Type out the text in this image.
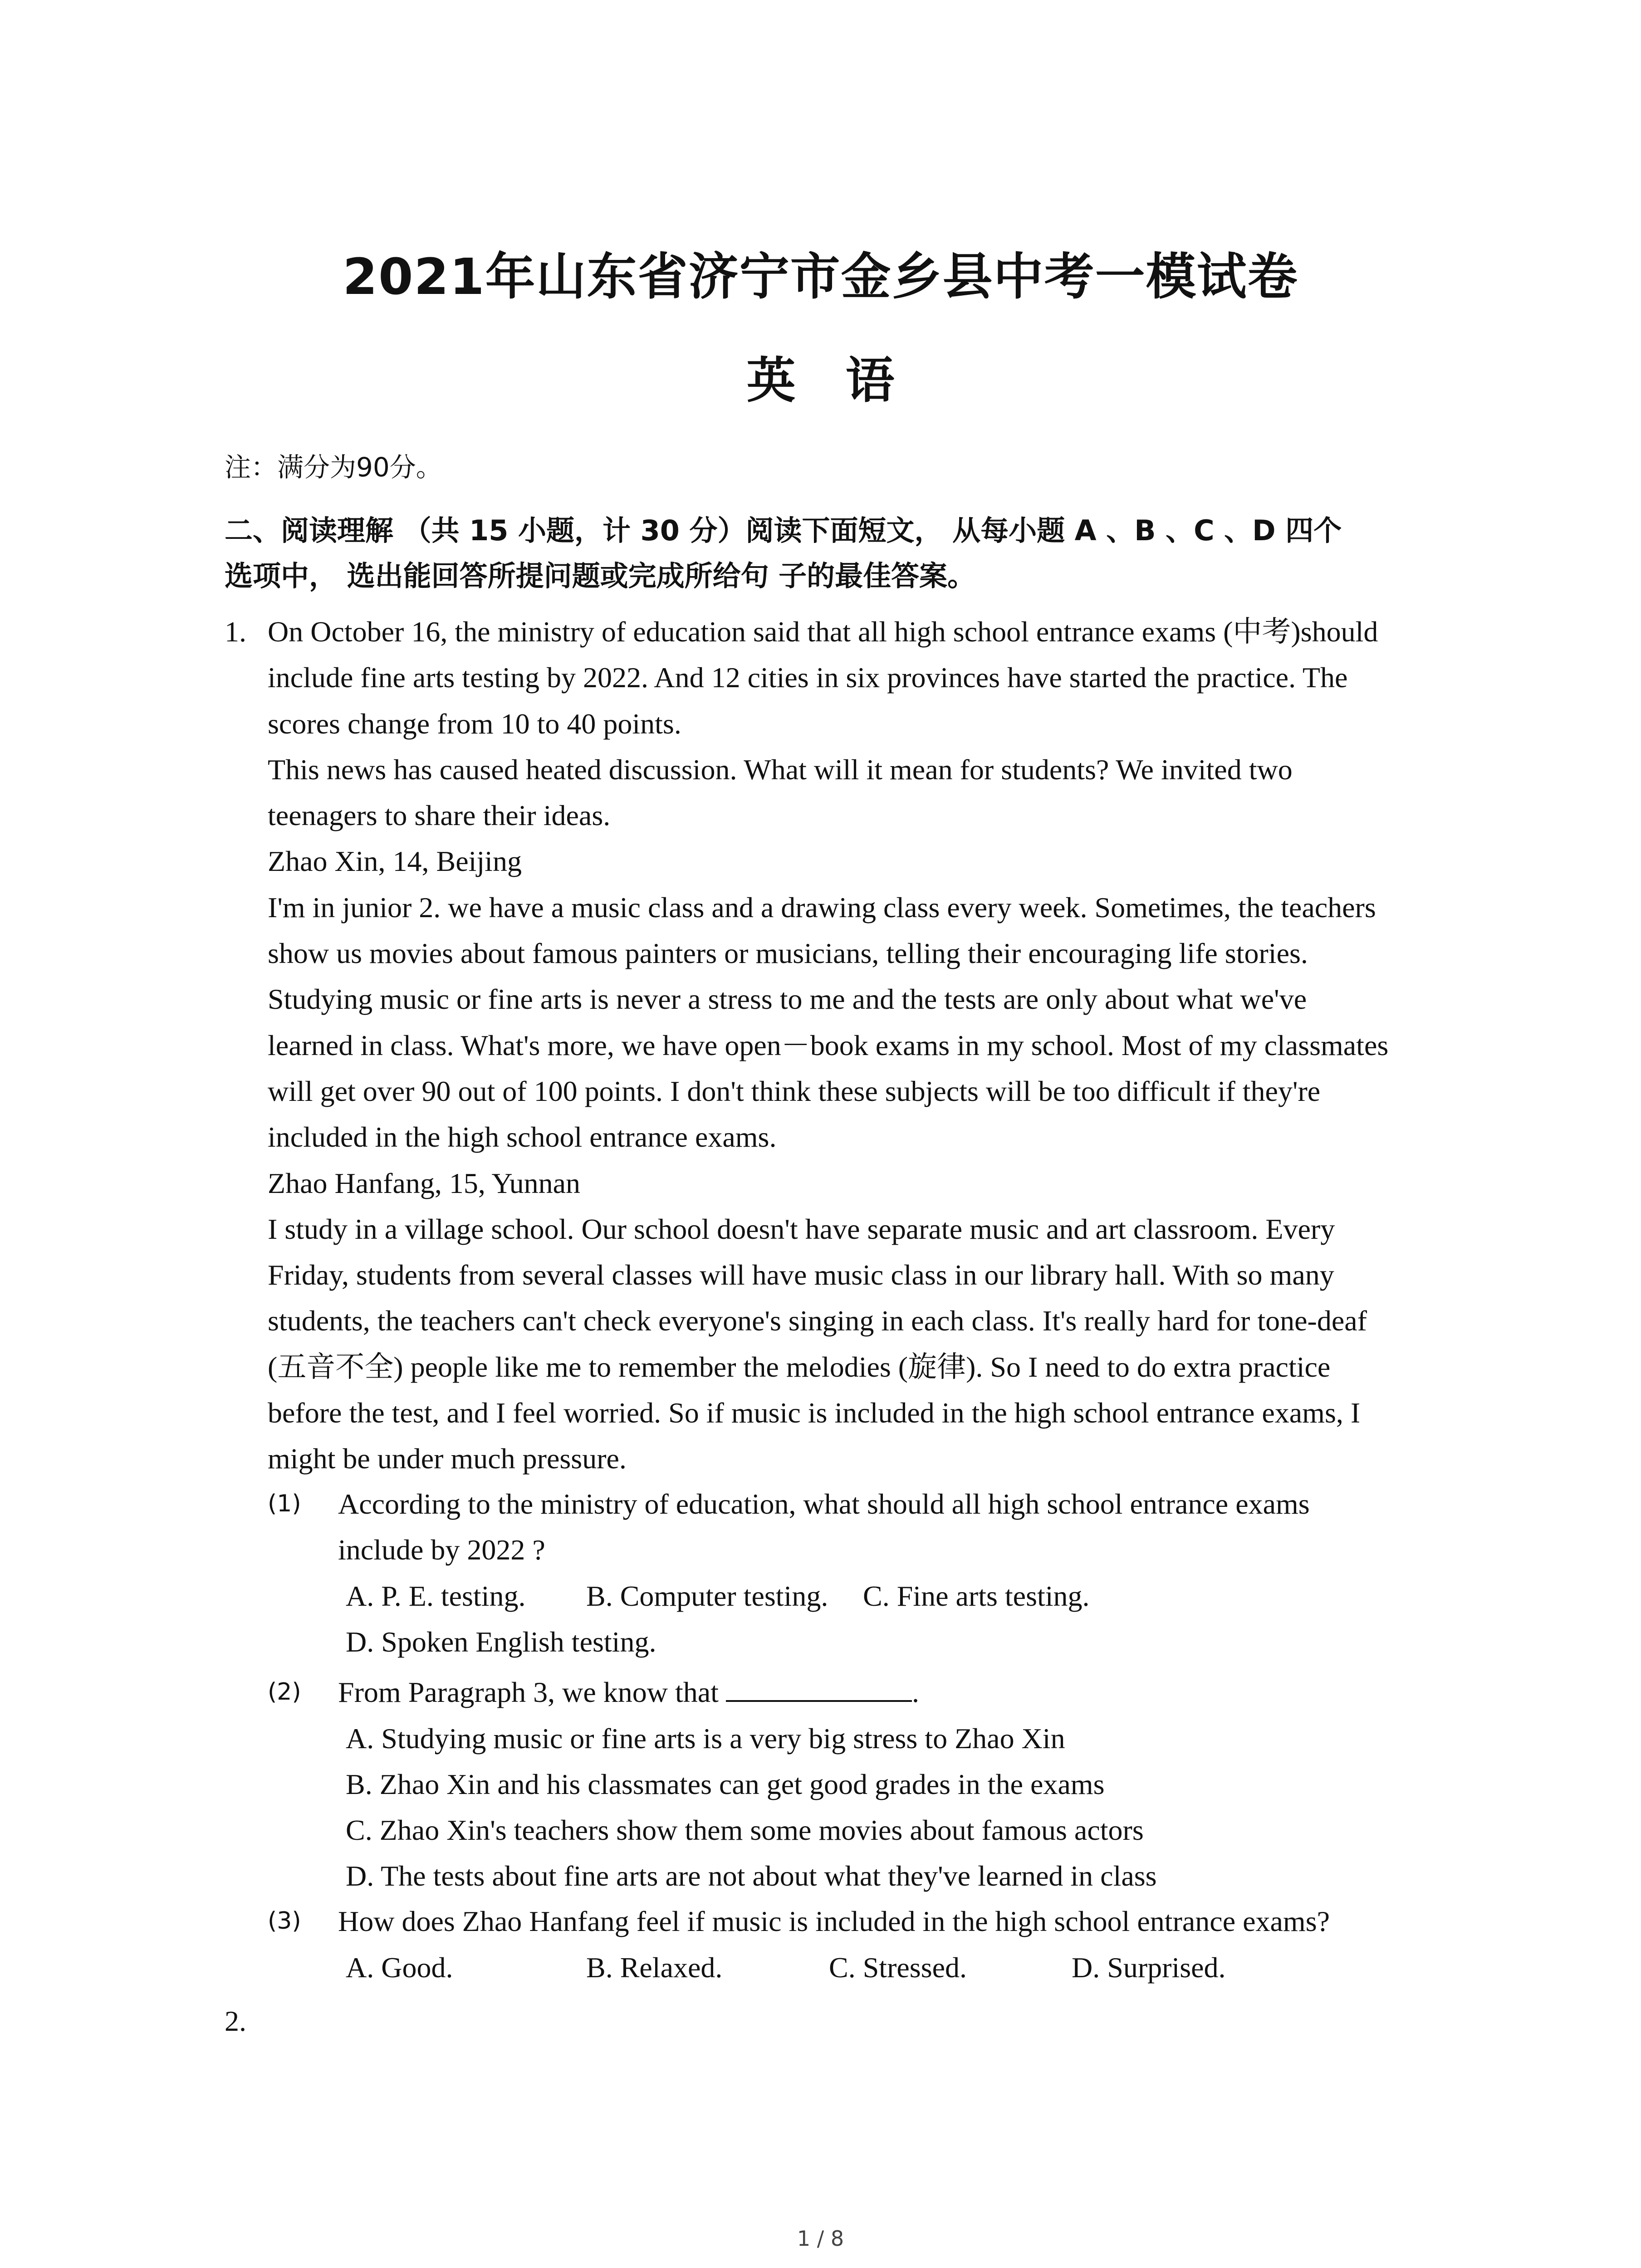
2021年山东省济宁市金乡县中考一模试卷
英语
注：满分为90分。
二、阅读理解 （共 15 小题，计 30 分）阅读下面短文， 从每小题 A 、B 、C 、D 四个
选项中， 选出能回答所提问题或完成所给句 子的最佳答案。
1. On October 16, the ministry of education said that all high school entrance exams (中考)should

include fine arts testing by 2022. And 12 cities in six provinces have started the practice. The

scores change from 10 to 40 points.

This news has caused heated discussion. What will it mean for students? We invited two

teenagers to share their ideas.

Zhao Xin, 14, Beijing

I'm in junior 2. we have a music class and a drawing class every week. Sometimes, the teachers

show us movies about famous painters or musicians, telling their encouraging life stories.

Studying music or fine arts is never a stress to me and the tests are only about what we've

learned in class. What's more, we have open－book exams in my school. Most of my classmates

will get over 90 out of 100 points. I don't think these subjects will be too difficult if they're

included in the high school entrance exams.

Zhao Hanfang, 15, Yunnan

I study in a village school. Our school doesn't have separate music and art classroom. Every

Friday, students from several classes will have music class in our library hall. With so many

students, the teachers can't check everyone's singing in each class. It's really hard for tone-deaf

(五音不全) people like me to remember the melodies (旋律). So I need to do extra practice

before the test, and I feel worried. So if music is included in the high school entrance exams, I

might be under much pressure.

(1) According to the ministry of education, what should all high school entrance exams
include by 2022 ?
A. P. E. testing. B. Computer testing. C. Fine arts testing.
D. Spoken English testing.
(2) From Paragraph 3, we know that	.
A. Studying music or fine arts is a very big stress to Zhao Xin
B. Zhao Xin and his classmates can get good grades in the exams
C. Zhao Xin's teachers show them some movies about famous actors
D. The tests about fine arts are not about what they've learned in class
(3) How does Zhao Hanfang feel if music is included in the high school entrance exams?
A. Good.	B. Relaxed.	C. Stressed.	D. Surprised.
2.
1 / 8
